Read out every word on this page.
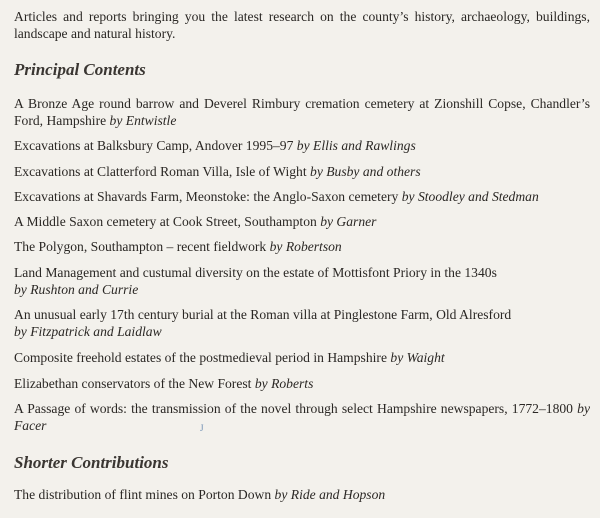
Articles and reports bringing you the latest research on the county’s history, archaeology, buildings, landscape and natural history.
Principal Contents
A Bronze Age round barrow and Deverel Rimbury cremation cemetery at Zionshill Copse, Chandler’s Ford, Hampshire by Entwistle
Excavations at Balksbury Camp, Andover 1995–97 by Ellis and Rawlings
Excavations at Clatterford Roman Villa, Isle of Wight by Busby and others
Excavations at Shavards Farm, Meonstoke: the Anglo-Saxon cemetery by Stoodley and Stedman
A Middle Saxon cemetery at Cook Street, Southampton by Garner
The Polygon, Southampton – recent fieldwork by Robertson
Land Management and custumal diversity on the estate of Mottisfont Priory in the 1340s
by Rushton and Currie
An unusual early 17th century burial at the Roman villa at Pinglestone Farm, Old Alresford
by Fitzpatrick and Laidlaw
Composite freehold estates of the postmedieval period in Hampshire by Waight
Elizabethan conservators of the New Forest by Roberts
A Passage of words: the transmission of the novel through select Hampshire newspapers, 1772–1800 by Facer	J
Shorter Contributions
The distribution of flint mines on Porton Down by Ride and Hopson
